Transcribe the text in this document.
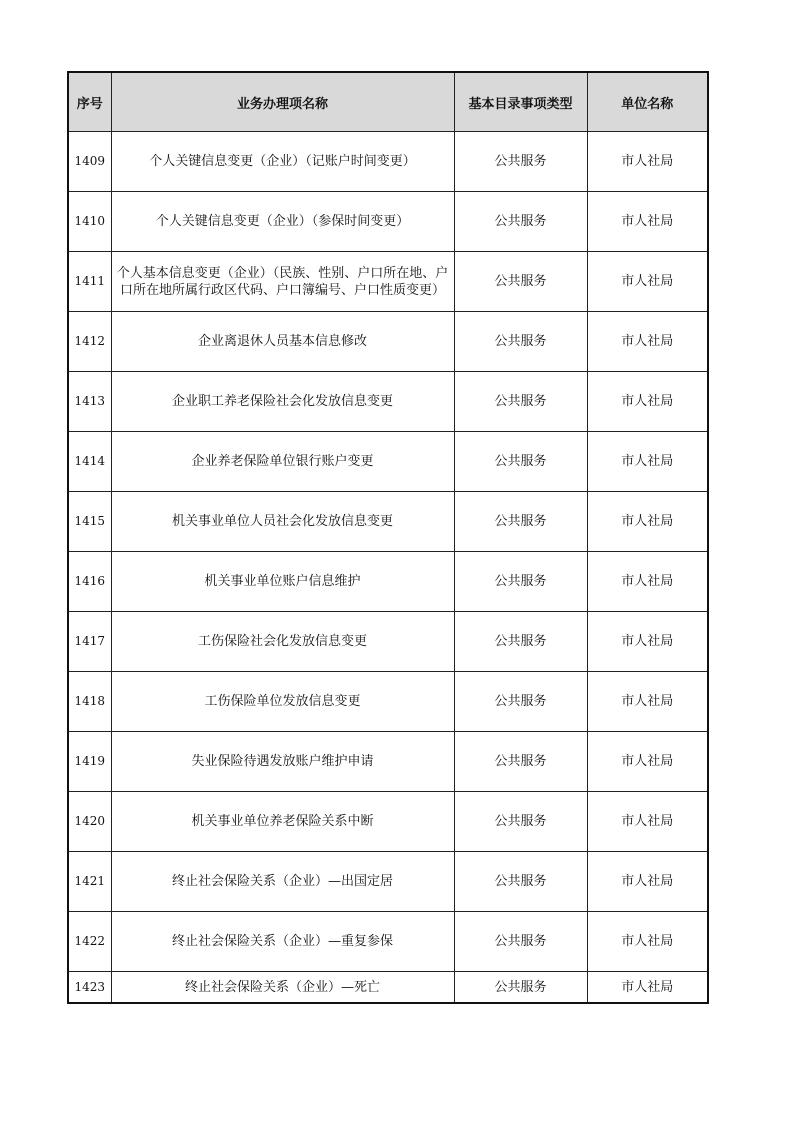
序号	业务办理项名称	基本目录事项类型	单位名称
1409	个人关键信息变更（企业）（记账户时间变更）	公共服务	市人社局
1410	个人关键信息变更（企业）（参保时间变更）	公共服务	市人社局
1411	个人基本信息变更（企业）（民族、性别、户口所在地、户口所在地所属行政区代码、户口簿编号、户口性质变更）	公共服务	市人社局
1412	企业离退休人员基本信息修改	公共服务	市人社局
1413	企业职工养老保险社会化发放信息变更	公共服务	市人社局
1414	企业养老保险单位银行账户变更	公共服务	市人社局
1415	机关事业单位人员社会化发放信息变更	公共服务	市人社局
1416	机关事业单位账户信息维护	公共服务	市人社局
1417	工伤保险社会化发放信息变更	公共服务	市人社局
1418	工伤保险单位发放信息变更	公共服务	市人社局
1419	失业保险待遇发放账户维护申请	公共服务	市人社局
1420	机关事业单位养老保险关系中断	公共服务	市人社局
1421	终止社会保险关系（企业）—出国定居	公共服务	市人社局
1422	终止社会保险关系（企业）—重复参保	公共服务	市人社局
1423	终止社会保险关系（企业）—死亡	公共服务	市人社局
